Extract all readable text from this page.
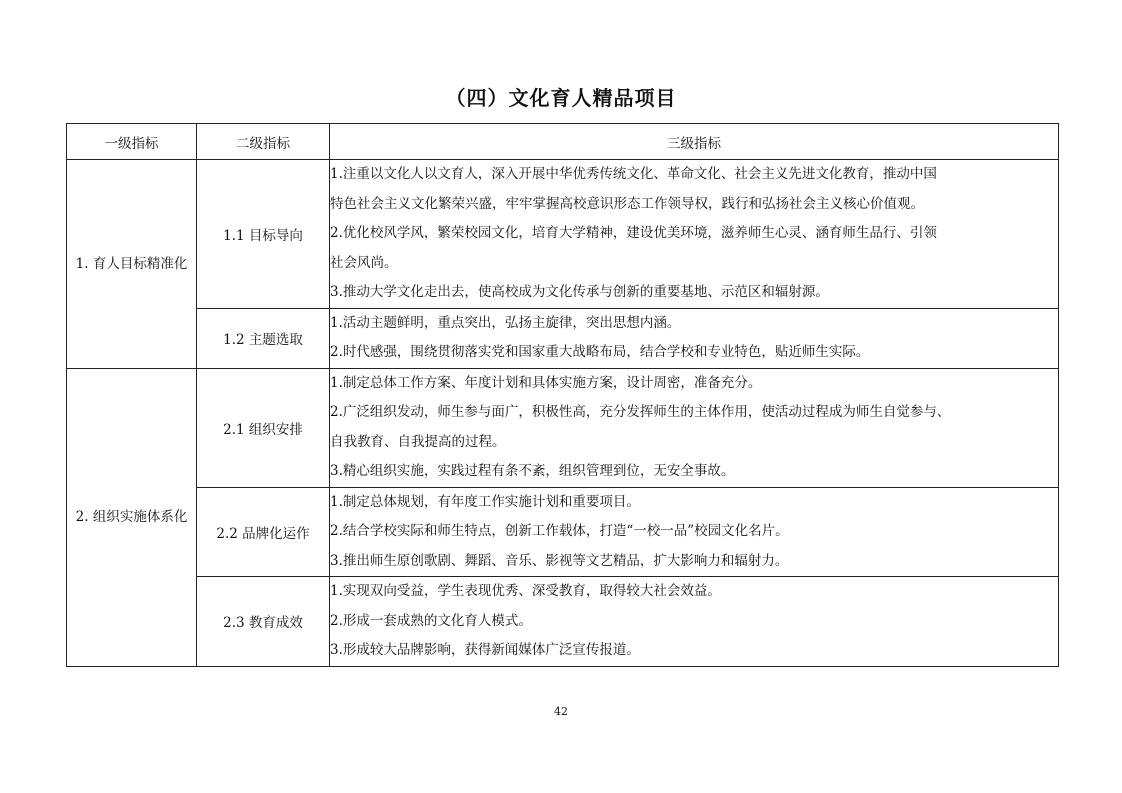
（四）文化育人精品项目
一级指标	二级指标	三级指标
1. 育人目标精准化	1.1 目标导向	1.注重以文化人以文育人，深入开展中华优秀传统文化、革命文化、社会主义先进文化教育，推动中国
特色社会主义文化繁荣兴盛，牢牢掌握高校意识形态工作领导权，践行和弘扬社会主义核心价值观。
2.优化校风学风，繁荣校园文化，培育大学精神，建设优美环境，滋养师生心灵、涵育师生品行、引领
社会风尚。
3.推动大学文化走出去，使高校成为文化传承与创新的重要基地、示范区和辐射源。

	1.2 主题选取	1.活动主题鲜明，重点突出，弘扬主旋律，突出思想内涵。
2.时代感强，围绕贯彻落实党和国家重大战略布局，结合学校和专业特色，贴近师生实际。

2. 组织实施体系化	2.1 组织安排	1.制定总体工作方案、年度计划和具体实施方案，设计周密，准备充分。
2.广泛组织发动，师生参与面广，积极性高，充分发挥师生的主体作用，使活动过程成为师生自觉参与、
自我教育、自我提高的过程。
3.精心组织实施，实践过程有条不紊，组织管理到位，无安全事故。

	2.2 品牌化运作	1.制定总体规划，有年度工作实施计划和重要项目。
2.结合学校实际和师生特点，创新工作载体，打造“一校一品”校园文化名片。
3.推出师生原创歌剧、舞蹈、音乐、影视等文艺精品，扩大影响力和辐射力。

	2.3 教育成效	1.实现双向受益，学生表现优秀、深受教育，取得较大社会效益。
2.形成一套成熟的文化育人模式。
3.形成较大品牌影响，获得新闻媒体广泛宣传报道。
42
